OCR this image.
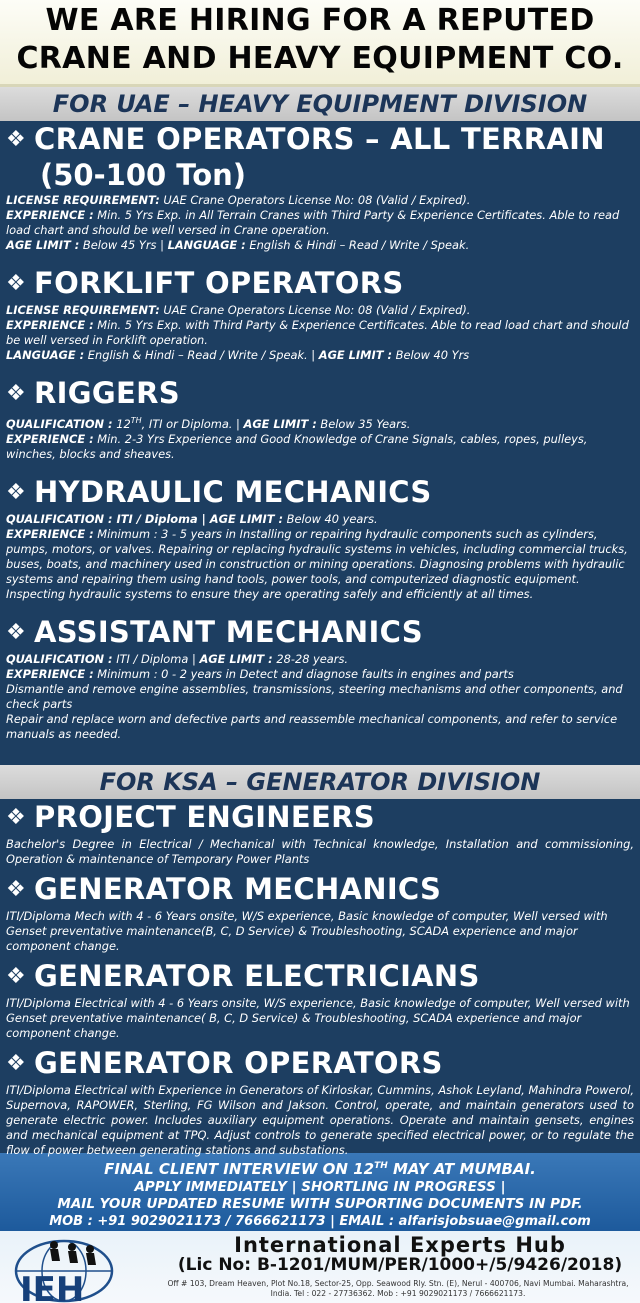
WE ARE HIRING FOR A REPUTED
CRANE AND HEAVY EQUIPMENT CO.
FOR UAE – HEAVY EQUIPMENT DIVISION
❖ CRANE OPERATORS – ALL TERRAIN
(50-100 Ton)
LICENSE REQUIREMENT: UAE Crane Operators License No: 08 (Valid / Expired).
EXPERIENCE : Min. 5 Yrs Exp. in All Terrain Cranes with Third Party & Experience Certificates. Able to read load chart and should be well versed in Crane operation.
AGE LIMIT : Below 45 Yrs | LANGUAGE : English & Hindi – Read / Write / Speak.
❖ FORKLIFT OPERATORS
LICENSE REQUIREMENT: UAE Crane Operators License No: 08 (Valid / Expired).
EXPERIENCE : Min. 5 Yrs Exp. with Third Party & Experience Certificates. Able to read load chart and should be well versed in Forklift operation.
LANGUAGE : English & Hindi – Read / Write / Speak. | AGE LIMIT : Below 40 Yrs
❖ RIGGERS
QUALIFICATION : 12TH, ITI or Diploma. | AGE LIMIT : Below 35 Years.
EXPERIENCE : Min. 2-3 Yrs Experience and Good Knowledge of Crane Signals, cables, ropes, pulleys, winches, blocks and sheaves.
❖ HYDRAULIC MECHANICS
QUALIFICATION : ITI / Diploma | AGE LIMIT : Below 40 years.
EXPERIENCE : Minimum : 3 - 5 years in Installing or repairing hydraulic components such as cylinders, pumps, motors, or valves. Repairing or replacing hydraulic systems in vehicles, including commercial trucks, buses, boats, and machinery used in construction or mining operations. Diagnosing problems with hydraulic systems and repairing them using hand tools, power tools, and computerized diagnostic equipment. Inspecting hydraulic systems to ensure they are operating safely and efficiently at all times.
❖ ASSISTANT MECHANICS
QUALIFICATION : ITI / Diploma | AGE LIMIT : 28-28 years.
EXPERIENCE : Minimum : 0 - 2 years in Detect and diagnose faults in engines and parts
Dismantle and remove engine assemblies, transmissions, steering mechanisms and other components, and check parts
Repair and replace worn and defective parts and reassemble mechanical components, and refer to service manuals as needed.
FOR KSA – GENERATOR DIVISION
❖ PROJECT ENGINEERS
Bachelor's Degree in Electrical / Mechanical with Technical knowledge, Installation and commissioning, Operation & maintenance of Temporary Power Plants
❖ GENERATOR MECHANICS
ITI/Diploma Mech with 4 - 6 Years onsite, W/S experience, Basic knowledge of computer, Well versed with Genset preventative maintenance(B, C, D Service) & Troubleshooting, SCADA experience and major component change.
❖ GENERATOR ELECTRICIANS
ITI/Diploma Electrical with 4 - 6 Years onsite, W/S experience, Basic knowledge of computer, Well versed with Genset preventative maintenance( B, C, D Service) & Troubleshooting, SCADA experience and major component change.
❖ GENERATOR OPERATORS
ITI/Diploma Electrical with Experience in Generators of Kirloskar, Cummins, Ashok Leyland, Mahindra Powerol, Supernova, RAPOWER, Sterling, FG Wilson and Jakson. Control, operate, and maintain generators used to generate electric power. Includes auxiliary equipment operations. Operate and maintain gensets, engines and mechanical equipment at TPQ. Adjust controls to generate specified electrical power, or to regulate the flow of power between generating stations and substations.
FINAL CLIENT INTERVIEW ON 12TH MAY AT MUMBAI.
APPLY IMMEDIATELY | SHORTLING IN PROGRESS |
MAIL YOUR UPDATED RESUME WITH SUPORTING DOCUMENTS IN PDF.
MOB : +91 9029021173 / 7666621173 | EMAIL : alfarisjobsuae@gmail.com
IEH
International Experts Hub
(Lic No: B-1201/MUM/PER/1000+/5/9426/2018)
Off # 103, Dream Heaven, Plot No.18, Sector-25, Opp. Seawood Rly. Stn. (E), Nerul - 400706, Navi Mumbai. Maharashtra, India. Tel : 022 - 27736362. Mob : +91 9029021173 / 7666621173.
